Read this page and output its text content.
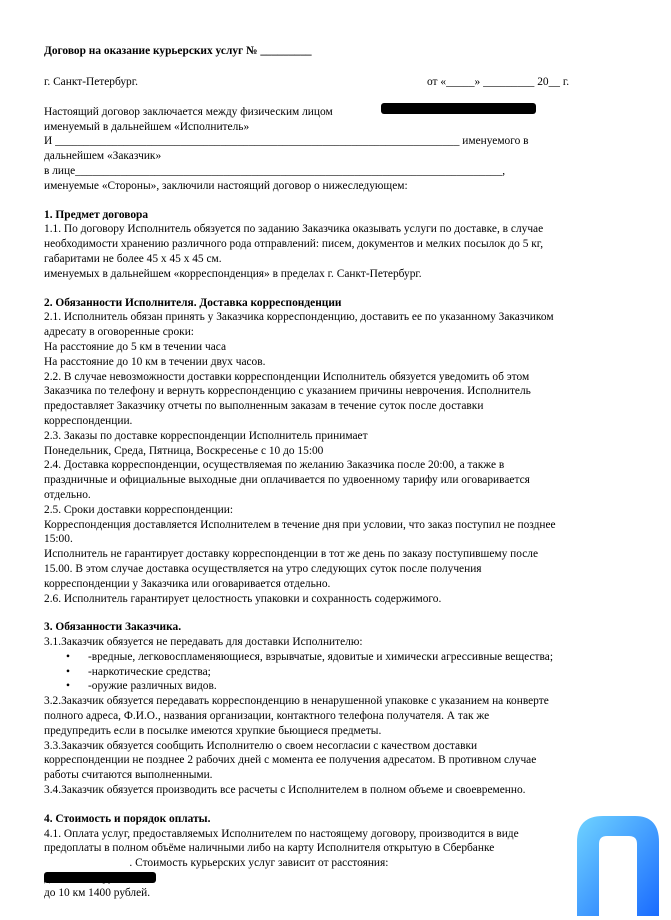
Договор на оказание курьерских услуг № _________
г. Санкт-Петербург.	от «_____» _________ 20__ г.
Настоящий договор заключается между физическим лицом
именуемый в дальнейшем «Исполнитель»
И _______________________________________________________________________ именуемого в
дальнейшем «Заказчик»
в лице___________________________________________________________________________,
именуемые «Стороны», заключили настоящий договор о нижеследующем:
1. Предмет договора
1.1. По договору Исполнитель обязуется по заданию Заказчика оказывать услуги по доставке, в случае
необходимости хранению различного рода отправлений: писем, документов и мелких посылок до 5 кг,
габаритами не более 45 х 45 х 45 см.
именуемых в дальнейшем «корреспонденция» в пределах г. Санкт-Петербург.
2. Обязанности Исполнителя. Доставка корреспонденции
2.1. Исполнитель обязан принять у Заказчика корреспонденцию, доставить ее по указанному Заказчиком
адресату в оговоренные сроки:
На расстояние до 5 км в течении часа
На расстояние до 10 км в течении двух часов.
2.2. В случае невозможности доставки корреспонденции Исполнитель обязуется уведомить об этом
Заказчика по телефону и вернуть корреспонденцию с указанием причины неврочения. Исполнитель
предоставляет Заказчику отчеты по выполненным заказам в течение суток после доставки
корреспонденции.
2.3. Заказы по доставке корреспонденции Исполнитель принимает
Понедельник, Среда, Пятница, Воскресенье с 10 до 15:00
2.4. Доставка корреспонденции, осуществляемая по желанию Заказчика после 20:00, а также в
праздничные и официальные выходные дни оплачивается по удвоенному тарифу или оговаривается
отдельно.
2.5. Сроки доставки корреспонденции:
Корреспонденция доставляется Исполнителем в течение дня при условии, что заказ поступил не позднее
15:00.
Исполнитель не гарантирует доставку корреспонденции в тот же день по заказу поступившему после
15.00. В этом случае доставка осуществляется на утро следующих суток после получения
корреспонденции у Заказчика или оговаривается отдельно.
2.6. Исполнитель гарантирует целостность упаковки и сохранность содержимого.
3. Обязанности Заказчика.
3.1.Заказчик обязуется не передавать для доставки Исполнителю:
• -вредные, легковоспламеняющиеся, взрывчатые, ядовитые и химически агрессивные вещества;
• -наркотические средства;
• -оружие различных видов.
3.2.Заказчик обязуется передавать корреспонденцию в ненарушенной упаковке с указанием на конверте
полного адреса, Ф.И.О., названия организации, контактного телефона получателя. А так же
предупредить если в посылке имеются хрупкие бьющиеся предметы.
3.3.Заказчик обязуется сообщить Исполнителю о своем несогласии с качеством доставки
корреспонденции не позднее 2 рабочих дней с момента ее получения адресатом. В противном случае
работы считаются выполненными.
3.4.Заказчик обязуется производить все расчеты с Исполнителем в полном объеме и своевременно.
4. Стоимость и порядок оплаты.
4.1. Оплата услуг, предоставляемых Исполнителем по настоящему договору, производится в виде
предоплаты в полном объёме наличными либо на карту Исполнителя открытую в Сбербанке
. Стоимость курьерских услуг зависит от расстояния:
до 10 км 1400 рублей.
